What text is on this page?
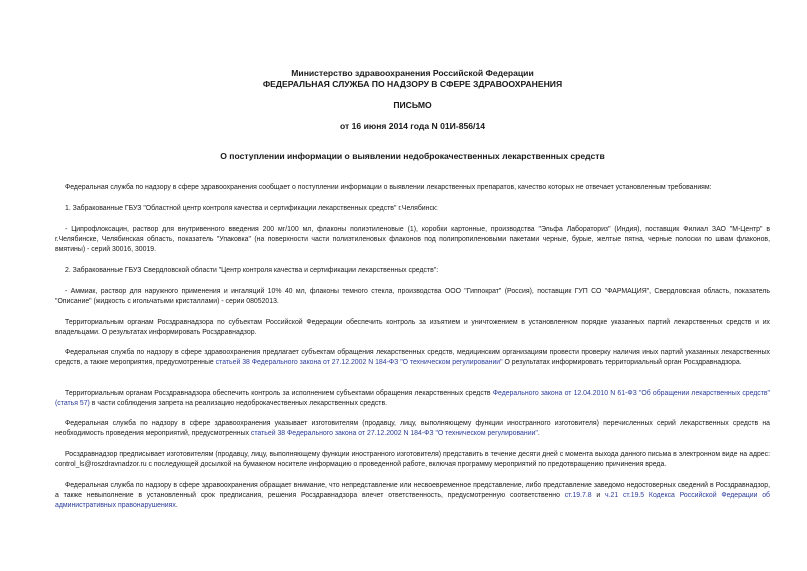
Министерство здравоохранения Российской Федерации
ФЕДЕРАЛЬНАЯ СЛУЖБА ПО НАДЗОРУ В СФЕРЕ ЗДРАВООХРАНЕНИЯ
ПИСЬМО
от 16 июня 2014 года N 01И-856/14
О поступлении информации о выявлении недоброкачественных лекарственных средств

Федеральная служба по надзору в сфере здравоохранения сообщает о поступлении информации о выявлении лекарственных препаратов, качество которых не отвечает установленным требованиям:

1. Забракованные ГБУЗ "Областной центр контроля качества и сертификации лекарственных средств" г.Челябинск:

- Ципрофлоксацин, раствор для внутривенного введения 200 мг/100 мл, флаконы полиэтиленовые (1), коробки картонные, производства "Эльфа Лабораториз" (Индия), поставщик Филиал ЗАО "М-Центр" в г.Челябинске, Челябинская область, показатель "Упаковка" (на поверхности части полиэтиленовых флаконов под полипропиленовыми пакетами черные, бурые, желтые пятна, черные полоски по швам флаконов, вмятины) - серий 30016, 30019.

2. Забракованные ГБУЗ Свердловской области "Центр контроля качества и сертификации лекарственных средств":

- Аммиак, раствор для наружного применения и ингаляций 10% 40 мл, флаконы темного стекла, производства ООО "Гиппократ" (Россия), поставщик ГУП СО "ФАРМАЦИЯ", Свердловская область, показатель "Описание" (жидкость с игольчатыми кристаллами) - серии 08052013.

Территориальным органам Росздравнадзора по субъектам Российской Федерации обеспечить контроль за изъятием и уничтожением в установленном порядке указанных партий лекарственных средств и их владельцами. О результатах информировать Росздравнадзор.

Федеральная служба по надзору в сфере здравоохранения предлагает субъектам обращения лекарственных средств, медицинским организациям провести проверку наличия иных партий указанных лекарственных средств, а также мероприятия, предусмотренные статьей 38 Федерального закона от 27.12.2002 N 184-ФЗ "О техническом регулировании" О результатах информировать территориальный орган Росздравнадзора.

Территориальным органам Росздравнадзора обеспечить контроль за исполнением субъектами обращения лекарственных средств Федерального закона от 12.04.2010 N 61-ФЗ "Об обращении лекарственных средств" (статья 57) в части соблюдения запрета на реализацию недоброкачественных лекарственных средств.

Федеральная служба по надзору в сфере здравоохранения указывает изготовителям (продавцу, лицу, выполняющему функции иностранного изготовителя) перечисленных серий лекарственных средств на необходимость проведения мероприятий, предусмотренных статьей 38 Федерального закона от 27.12.2002 N 184-ФЗ "О техническом регулировании".

Росздравнадзор предписывает изготовителям (продавцу, лицу, выполняющему функции иностранного изготовителя) представить в течение десяти дней с момента выхода данного письма в электронном виде на адрес: control_ls@roszdravnadzor.ru с последующей досылкой на бумажном носителе информацию о проведенной работе, включая программу мероприятий по предотвращению причинения вреда.

Федеральная служба по надзору в сфере здравоохранения обращает внимание, что непредставление или несвоевременное представление, либо представление заведомо недостоверных сведений в Росздравнадзор, а также невыполнение в установленный срок предписания, решения Росздравнадзора влечет ответственность, предусмотренную соответственно ст.19.7.8 и ч.21 ст.19.5 Кодекса Российской Федерации об административных правонарушениях.
